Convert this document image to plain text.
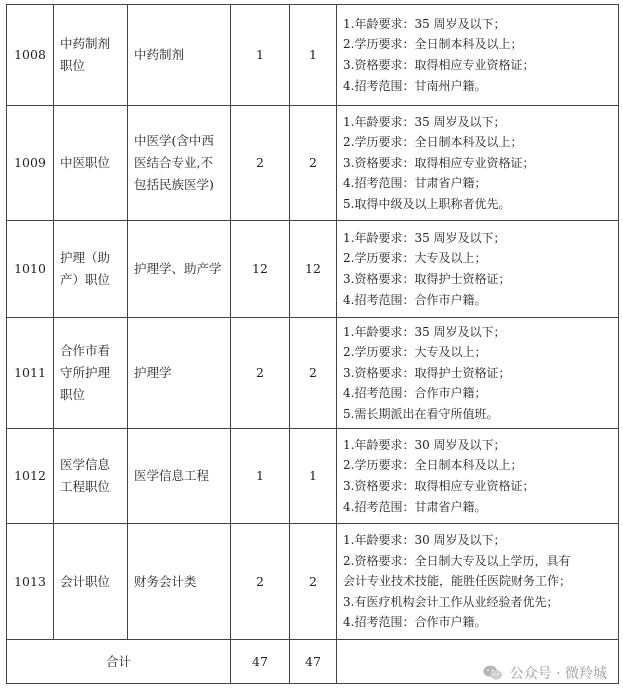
1008	中药制剂
职位	中药制剂	1	1	1.年龄要求：35 周岁及以下；
2.学历要求：全日制本科及以上；
3.资格要求：取得相应专业资格证；
4.招考范围：甘南州户籍。

1009	中医职位	中医学(含中西
医结合专业,不
包括民族医学)	2	2	1.年龄要求：35 周岁及以下；
2.学历要求：全日制本科及以上；
3.资格要求：取得相应专业资格证；
4.招考范围：甘肃省户籍；
5.取得中级及以上职称者优先。

1010	护理（助
产）职位	护理学、助产学	12	12	1.年龄要求：35 周岁及以下；
2.学历要求：大专及以上；
3.资格要求：取得护士资格证；
4.招考范围：合作市户籍。

1011	合作市看
守所护理
职位	护理学	2	2	1.年龄要求：35 周岁及以下；
2.学历要求：大专及以上；
3.资格要求：取得护士资格证；
4.招考范围：合作市户籍；
5.需长期派出在看守所值班。

1012	医学信息
工程职位	医学信息工程	1	1	1.年龄要求：30 周岁及以下；
2.学历要求：全日制本科及以上；
3.资格要求：取得相应专业资格证；
4.招考范围：甘肃省户籍。

1013	会计职位	财务会计类	2	2	1.年龄要求：30 周岁及以下；
2.资格要求：全日制大专及以上学历，具有
会计专业技术技能，能胜任医院财务工作；
3.有医疗机构会计工作从业经验者优先；
4.招考范围：合作市户籍。

合计			47	47	
公众号 · 微羚城
